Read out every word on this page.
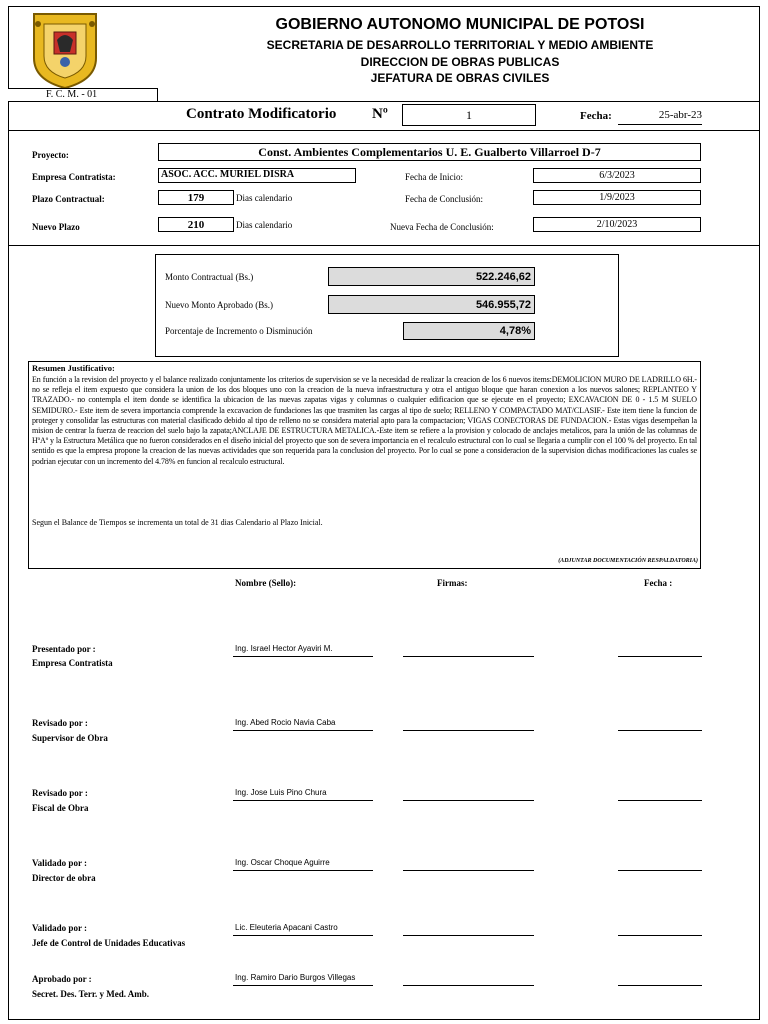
GOBIERNO AUTONOMO MUNICIPAL DE POTOSI
SECRETARIA DE DESARROLLO TERRITORIAL Y MEDIO AMBIENTE
DIRECCION DE OBRAS PUBLICAS
JEFATURA DE OBRAS CIVILES
F. C. M. - 01
Contrato Modificatorio Nº	1	Fecha:	25-abr-23
Proyecto:	Const. Ambientes Complementarios U. E. Gualberto Villarroel D-7
Empresa Contratista:	ASOC. ACC. MURIEL DISRA	Fecha de Inicio:	6/3/2023
Plazo Contractual:	179	Dias calendario	Fecha de Conclusión:	1/9/2023
Nuevo Plazo	210	Dias calendario	Nueva Fecha de Conclusión:	2/10/2023
Monto Contractual (Bs.)	522.246,62
Nuevo Monto Aprobado (Bs.)	546.955,72
Porcentaje de Incremento o Disminución	4,78%
Resumen Justificativo:
En función a la revision del proyecto y el balance realizado conjuntamente los criterios de supervision se ve la necesidad de realizar la creacion de los 6 nuevos items:DEMOLICION MURO DE LADRILLO 6H.- no se refleja el item expuesto que considera la union de los dos bloques uno con la creacion de la nueva infraestructura y otra el antiguo bloque que haran conexion a los nuevos salones; REPLANTEO Y TRAZADO.- no contempla el item donde se identifica la ubicacion de las nuevas zapatas vigas y columnas o cualquier edificacion que se ejecute en el proyecto; EXCAVACION DE 0 - 1.5 M SUELO SEMIDURO.- Este item de severa importancia comprende la excavacion de fundaciones las que trasmiten las cargas al tipo de suelo; RELLENO Y COMPACTADO MAT/CLASIF.- Este item tiene la funcion de proteger y consolidar las estructuras con material clasificado debido al tipo de relleno no se considera material apto para la compactacion; VIGAS CONECTORAS DE FUNDACION.- Estas vigas desempeñan la mision de centrar la fuerza de reaccion del suelo bajo la zapata;ANCLAJE DE ESTRUCTURA METALICA.-Este item se refiere a la provision y colocado de anclajes metalicos, para la unión de las columnas de HºAº y la Estructura Metálica que no fueron considerados en el diseño inicial del proyecto que son de severa importancia en el recalculo estructural con lo cual se llegaria a cumplir con el 100 % del proyecto. En tal sentido es que la empresa propone la creacion de las nuevas actividades que son requerida para la conclusion del proyecto. Por lo cual se pone a consideracion de la supervision dichas modificaciones las cuales se podrian ejecutar con un incremento del 4.78% en funcion al recalculo estructural.
Segun el Balance de Tiempos se incrementa un total de 31 dias Calendario al Plazo Inicial.
(ADJUNTAR DOCUMENTACIÓN RESPALDATORIA)
Nombre (Sello):	Firmas:	Fecha :
Presentado por :
Empresa Contratista
Ing. Israel Hector Ayaviri M.
Revisado por :
Supervisor de Obra
Ing. Abed Rocio Navia Caba
Revisado por :
Fiscal de Obra
Ing. Jose Luis Pino Chura
Validado por :
Director de obra
Ing. Oscar Choque Aguirre
Validado por :
Jefe de Control de Unidades Educativas
Lic. Eleuteria Apacani Castro
Aprobado por :
Secret. Des. Terr. y Med. Amb.
Ing. Ramiro Dario Burgos Villegas
